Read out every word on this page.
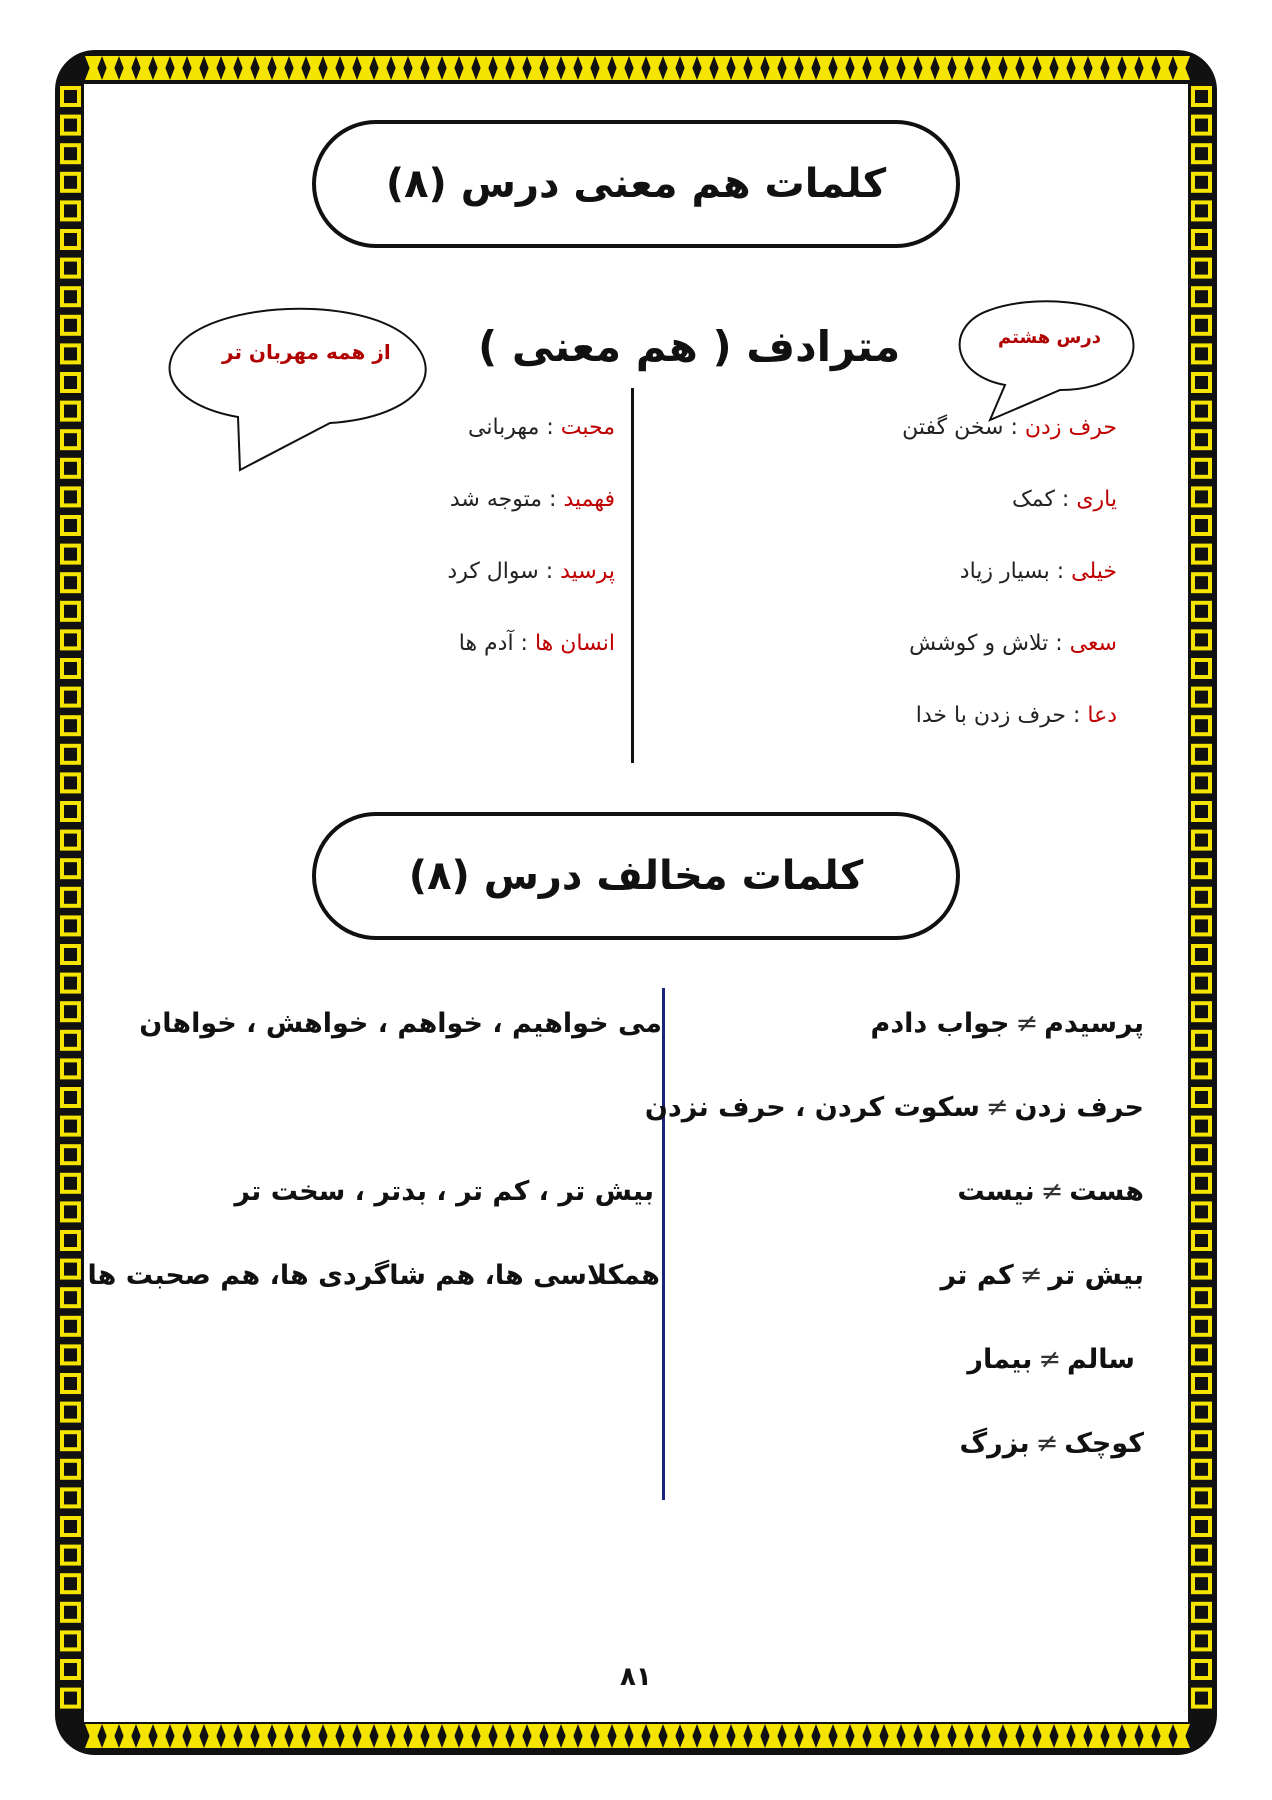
کلمات هم معنی درس (۸)
مترادف ( هم معنی )
از همه مهربان تر
درس هشتم
حرف زدن : سخن گفتن
یاری : کمک
خیلی : بسیار زیاد
سعی : تلاش و کوشش
دعا : حرف زدن با خدا
محبت : مهربانی
فهمید : متوجه شد
پرسید : سوال کرد
انسان ها : آدم ها
کلمات مخالف درس (۸)
پرسیدم≠جواب دادم
حرف زدن≠سکوت کردن ، حرف نزدن
هست≠نیست
بیش تر≠کم تر
سالم≠بیمار
کوچک≠بزرگ
می خواهیم ، خواهم ، خواهش ، خواهان
بیش تر ، کم تر ، بدتر ، سخت تر
همکلاسی ها، هم شاگردی ها، هم صحبت ها
۸۱
